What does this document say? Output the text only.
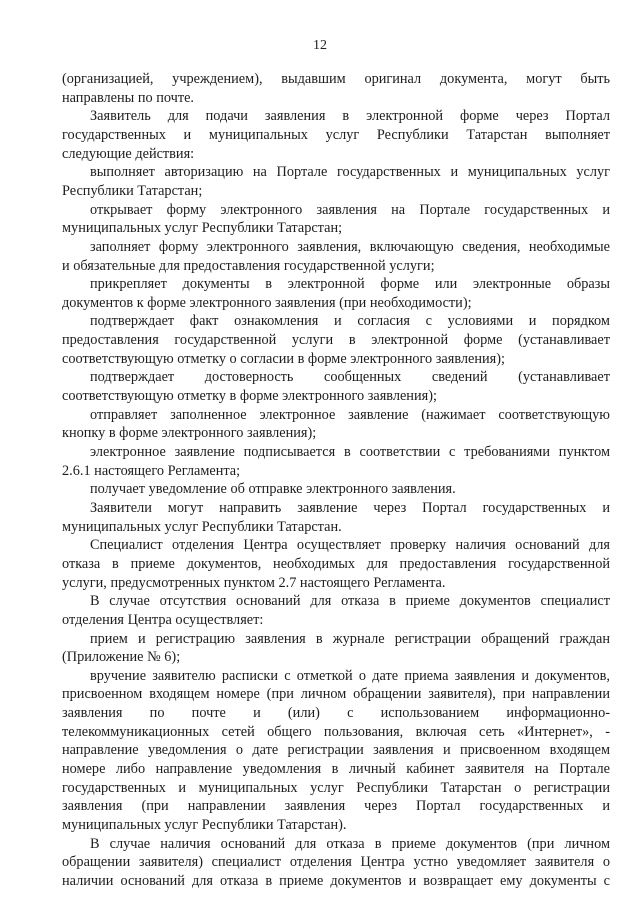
12
(организацией, учреждением), выдавшим оригинал документа, могут быть
направлены по почте.
Заявитель для подачи заявления в электронной форме через Портал
государственных и муниципальных услуг Республики Татарстан выполняет
следующие действия:
выполняет авторизацию на Портале государственных и муниципальных услуг
Республики Татарстан;
открывает форму электронного заявления на Портале государственных и
муниципальных услуг Республики Татарстан;
заполняет форму электронного заявления, включающую сведения, необходимые
и обязательные для предоставления государственной услуги;
прикрепляет документы в электронной форме или электронные образы
документов к форме электронного заявления (при необходимости);
подтверждает факт ознакомления и согласия с условиями и порядком
предоставления государственной услуги в электронной форме (устанавливает
соответствующую отметку о согласии в форме электронного заявления);
подтверждает достоверность сообщенных сведений (устанавливает
соответствующую отметку в форме электронного заявления);
отправляет заполненное электронное заявление (нажимает соответствующую
кнопку в форме электронного заявления);
электронное заявление подписывается в соответствии с требованиями пунктом
2.6.1 настоящего Регламента;
получает уведомление об отправке электронного заявления.
Заявители могут направить заявление через Портал государственных и
муниципальных услуг Республики Татарстан.
Специалист отделения Центра осуществляет проверку наличия оснований для
отказа в приеме документов, необходимых для предоставления государственной
услуги, предусмотренных пунктом 2.7 настоящего Регламента.
В случае отсутствия оснований для отказа в приеме документов специалист
отделения Центра осуществляет:
прием и регистрацию заявления в журнале регистрации обращений граждан
(Приложение № 6);
вручение заявителю расписки с отметкой о дате приема заявления и документов,
присвоенном входящем номере (при личном обращении заявителя), при направлении
заявления по почте и (или) с использованием информационно-
телекоммуникационных сетей общего пользования, включая сеть «Интернет», -
направление уведомления о дате регистрации заявления и присвоенном входящем
номере либо направление уведомления в личный кабинет заявителя на Портале
государственных и муниципальных услуг Республики Татарстан о регистрации
заявления (при направлении заявления через Портал государственных и
муниципальных услуг Республики Татарстан).
В случае наличия оснований для отказа в приеме документов (при личном
обращении заявителя) специалист отделения Центра устно уведомляет заявителя о
наличии оснований для отказа в приеме документов и возвращает ему документы с
